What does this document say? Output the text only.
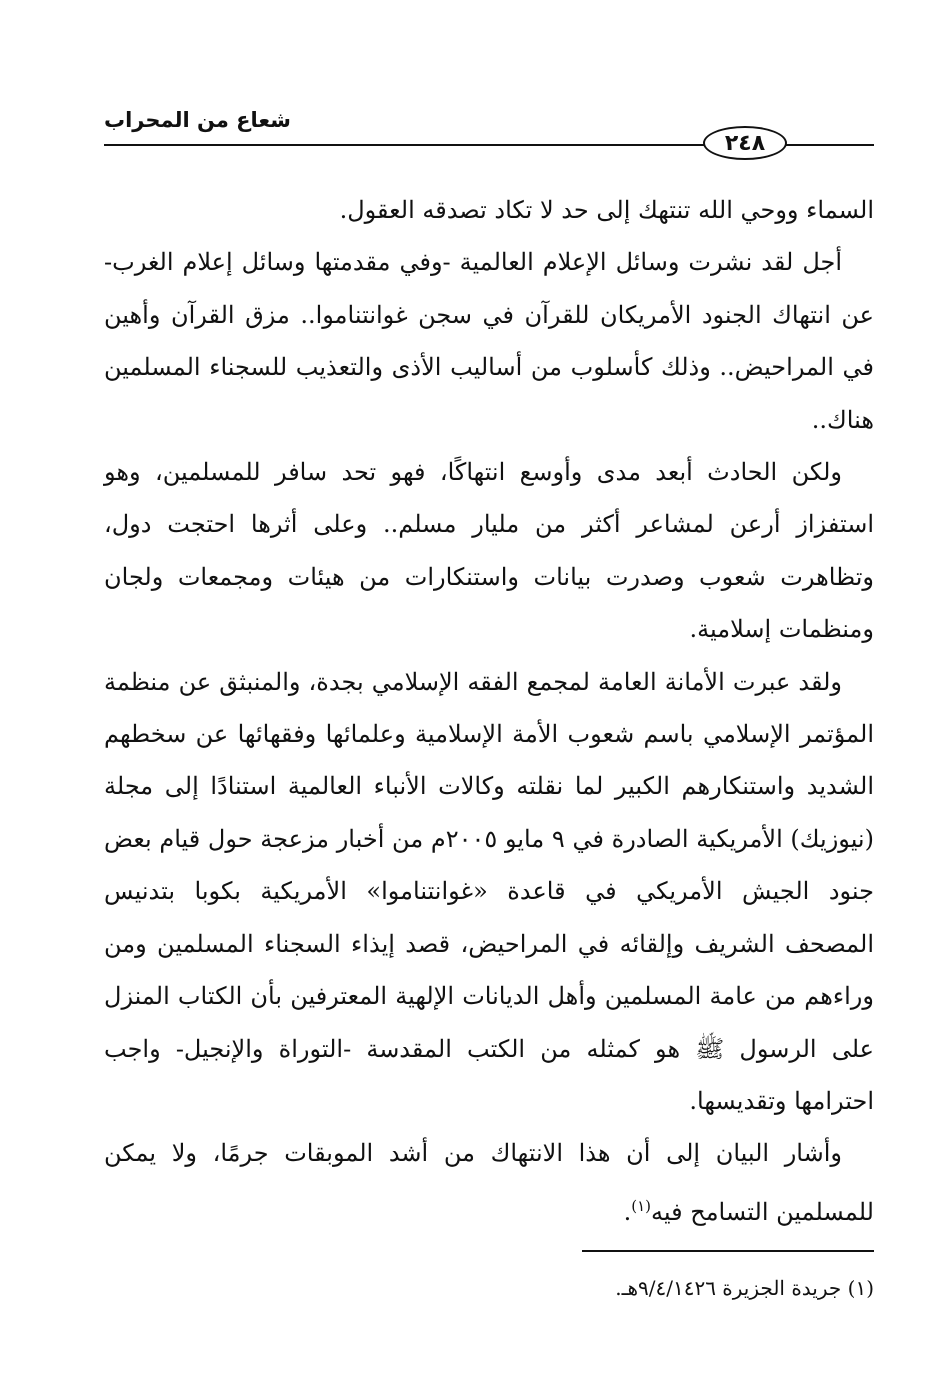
شعاع من المحراب
٢٤٨

السماء ووحي الله تنتهك إلى حد لا تكاد تصدقه العقول.

أجل لقد نشرت وسائل الإعلام العالمية -وفي مقدمتها وسائل إعلام الغرب- عن انتهاك الجنود الأمريكان للقرآن في سجن غوانتناموا.. مزق القرآن وأهين في المراحيض.. وذلك كأسلوب من أساليب الأذى والتعذيب للسجناء المسلمين هناك..

ولكن الحادث أبعد مدى وأوسع انتهاكًا، فهو تحد سافر للمسلمين، وهو استفزاز أرعن لمشاعر أكثر من مليار مسلم.. وعلى أثرها احتجت دول، وتظاهرت شعوب وصدرت بيانات واستنكارات من هيئات ومجمعات ولجان ومنظمات إسلامية.

ولقد عبرت الأمانة العامة لمجمع الفقه الإسلامي بجدة، والمنبثق عن منظمة المؤتمر الإسلامي باسم شعوب الأمة الإسلامية وعلمائها وفقهائها عن سخطهم الشديد واستنكارهم الكبير لما نقلته وكالات الأنباء العالمية استنادًا إلى مجلة (نيوزيك) الأمريكية الصادرة في ٩ مايو ٢٠٠٥م من أخبار مزعجة حول قيام بعض جنود الجيش الأمريكي في قاعدة «غوانتناموا» الأمريكية بكوبا بتدنيس المصحف الشريف وإلقائه في المراحيض، قصد إيذاء السجناء المسلمين ومن وراءهم من عامة المسلمين وأهل الديانات الإلهية المعترفين بأن الكتاب المنزل على الرسول ﷺ هو كمثله من الكتب المقدسة -التوراة والإنجيل- واجب احترامها وتقديسها.

وأشار البيان إلى أن هذا الانتهاك من أشد الموبقات جرمًا، ولا يمكن للمسلمين التسامح فيه$^{(١)}$.

(١) جريدة الجزيرة ٩/٤/١٤٢٦هـ.
